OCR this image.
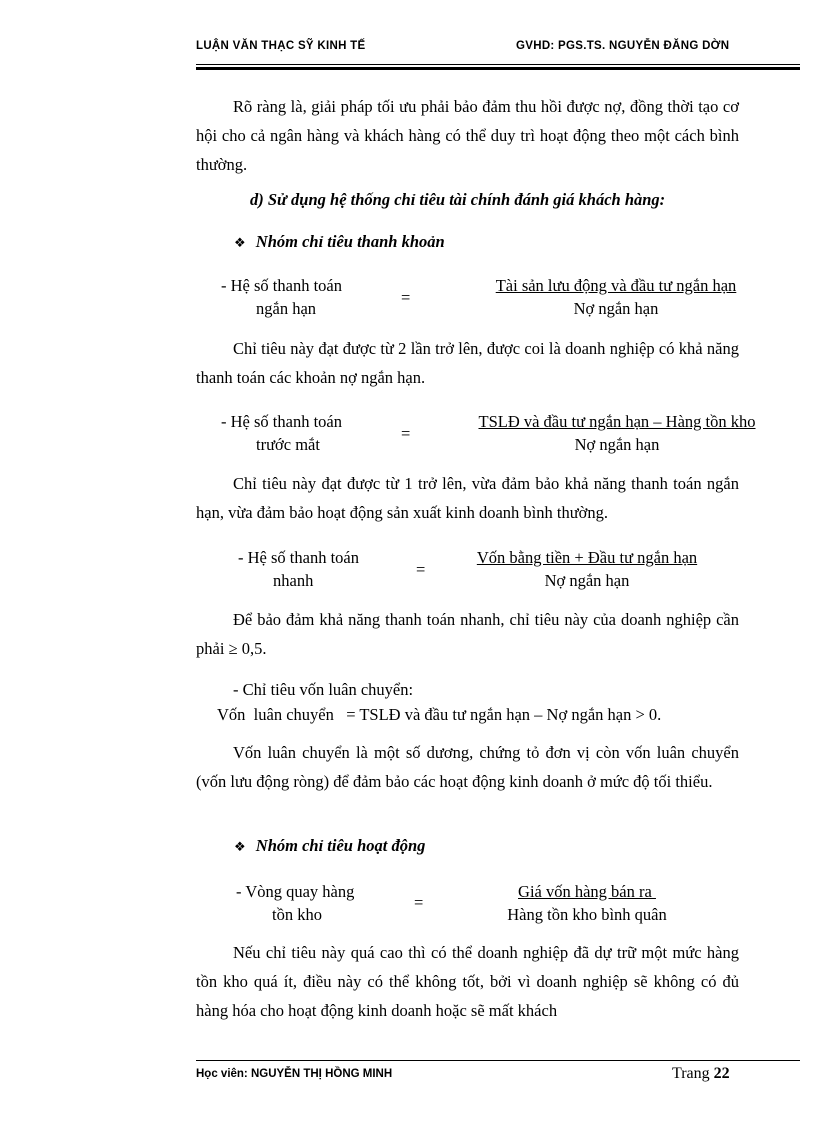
LUẬN VĂN THẠC SỸ KINH TẾ	GVHD: PGS.TS. NGUYỄN ĐĂNG DỜN
Rõ ràng là, giải pháp tối ưu phải bảo đảm thu hồi được nợ, đồng thời tạo cơ hội cho cả ngân hàng và khách hàng có thể duy trì hoạt động theo một cách bình thường.
d) Sử dụng hệ thống chỉ tiêu tài chính đánh giá khách hàng:
❖ Nhóm chỉ tiêu thanh khoản
- Hệ số thanh toán
ngắn hạn
=
Tài sản lưu động và đầu tư ngắn hạn
Nợ ngắn hạn
Chỉ tiêu này đạt được từ 2 lần trở lên, được coi là doanh nghiệp có khả năng thanh toán các khoản nợ ngắn hạn.
- Hệ số thanh toán
trước mắt
=
TSLĐ và đầu tư ngắn hạn – Hàng tồn kho
Nợ ngắn hạn
Chỉ tiêu này đạt được từ 1 trở lên, vừa đảm bảo khả năng thanh toán ngắn hạn, vừa đảm bảo hoạt động sản xuất kinh doanh bình thường.
- Hệ số thanh toán
nhanh
=
Vốn bằng tiền + Đầu tư ngắn hạn
Nợ ngắn hạn
Để bảo đảm khả năng thanh toán nhanh, chỉ tiêu này của doanh nghiệp cần phải ≥ 0,5.
- Chỉ tiêu vốn luân chuyển:
Vốn  luân chuyển   = TSLĐ và đầu tư ngắn hạn – Nợ ngắn hạn > 0.
Vốn luân chuyển là một số dương, chứng tỏ đơn vị còn vốn luân chuyển (vốn lưu động ròng) để đảm bảo các hoạt động kinh doanh ở mức độ tối thiểu.
❖ Nhóm chỉ tiêu hoạt động
- Vòng quay hàng
tồn kho
=
Giá vốn hàng bán ra
Hàng tồn kho bình quân
Nếu chỉ tiêu này quá cao thì có thể doanh nghiệp đã dự trữ một mức hàng tồn kho quá ít, điều này có thể không tốt, bởi vì doanh nghiệp sẽ không có đủ hàng hóa cho hoạt động kinh doanh hoặc sẽ mất khách
Học viên: NGUYỄN THỊ HỒNG MINH	Trang 22
